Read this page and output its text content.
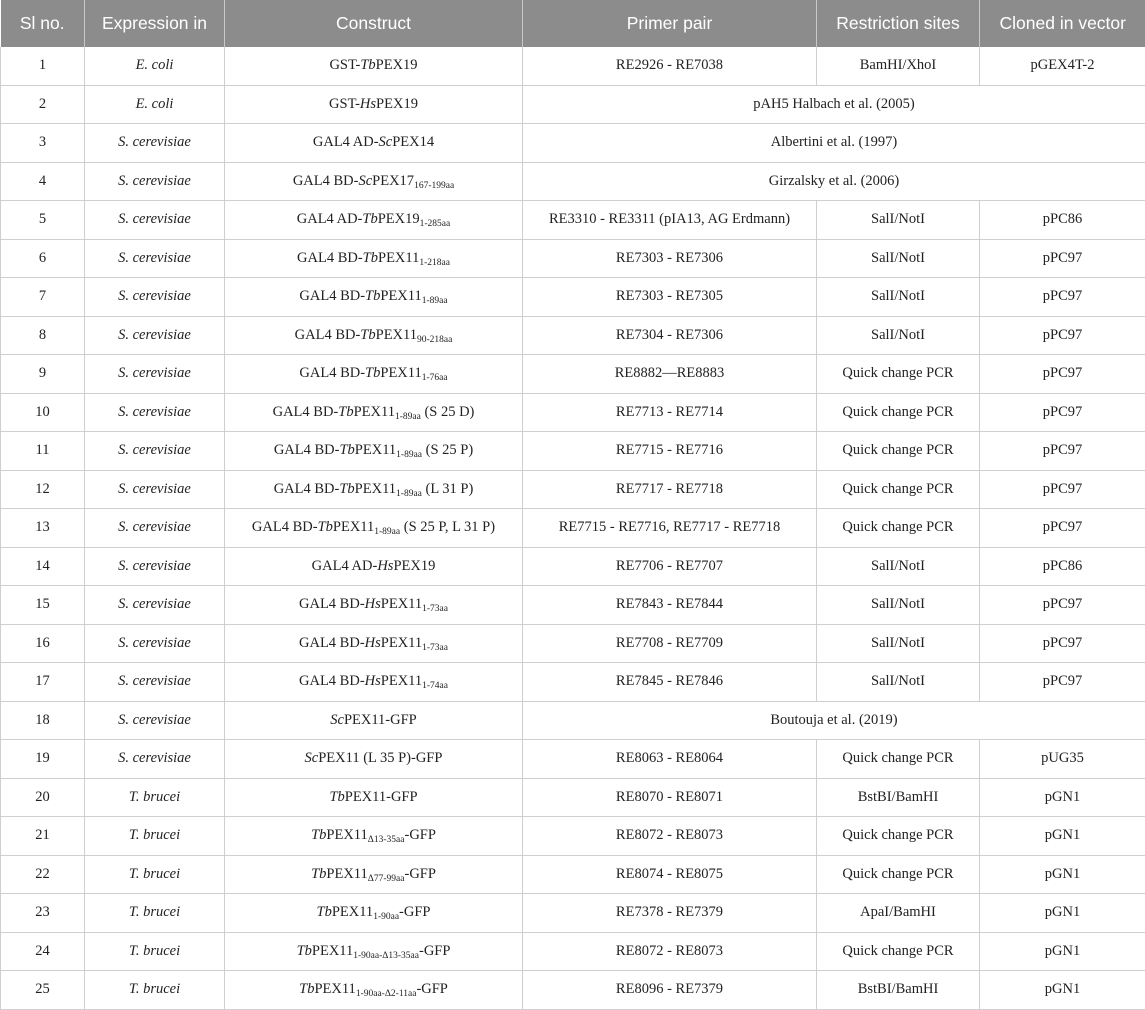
Sl no.	Expression in	Construct	Primer pair	Restriction sites	Cloned in vector
1	E. coli	GST-TbPEX19	RE2926 - RE7038	BamHI/XhoI	pGEX4T-2
2	E. coli	GST-HsPEX19	pAH5 Halbach et al. (2005)		
3	S. cerevisiae	GAL4 AD-ScPEX14	Albertini et al. (1997)		
4	S. cerevisiae	GAL4 $BD-ScPEX17_{167-199aa}$	Girzalsky et al. (2006)		
5	S. cerevisiae	GAL4 $AD-TbPEX19_{1-285aa}$	RE3310 - RE3311 (pIA13, AG Erdmann)	SalI/NotI	pPC86
6	S. cerevisiae	GAL4 $BD-TbPEX11_{1-218aa}$	RE7303 - RE7306	SalI/NotI	pPC97
7	S. cerevisiae	GAL4 $BD-TbPEX11_{1-89aa}$	RE7303 - RE7305	SalI/NotI	pPC97
8	S. cerevisiae	GAL4 $BD-TbPEX11_{90-218aa}$	RE7304 - RE7306	SalI/NotI	pPC97
9	S. cerevisiae	GAL4 $BD-TbPEX11_{1-76aa}$	RE8882—RE8883	Quick change PCR	pPC97
10	S. cerevisiae	GAL4 $BD-TbPEX11_{1-89aa}$ (S 25 D)	RE7713 - RE7714	Quick change PCR	pPC97
11	S. cerevisiae	GAL4 $BD-TbPEX11_{1-89aa}$ (S 25 P)	RE7715 - RE7716	Quick change PCR	pPC97
12	S. cerevisiae	GAL4 $BD-TbPEX11_{1-89aa}$ (L 31 P)	RE7717 - RE7718	Quick change PCR	pPC97
13	S. cerevisiae	GAL4 $BD-TbPEX11_{1-89aa}$ (S 25 P, L 31 P)	RE7715 - RE7716, RE7717 - RE7718	Quick change PCR	pPC97
14	S. cerevisiae	GAL4 AD-HsPEX19	RE7706 - RE7707	SalI/NotI	pPC86
15	S. cerevisiae	GAL4 $BD-HsPEX11_{1-73aa}$	RE7843 - RE7844	SalI/NotI	pPC97
16	S. cerevisiae	GAL4 $BD-HsPEX11_{1-73aa}$	RE7708 - RE7709	SalI/NotI	pPC97
17	S. cerevisiae	GAL4 $BD-HsPEX11_{1-74aa}$	RE7845 - RE7846	SalI/NotI	pPC97
18	S. cerevisiae	ScPEX11-GFP	Boutouja et al. (2019)		
19	S. cerevisiae	ScPEX11 (L 35 P)-GFP	RE8063 - RE8064	Quick change PCR	pUG35
20	T. brucei	TbPEX11-GFP	RE8070 - RE8071	BstBI/BamHI	pGN1
21	T. brucei	$TbPEX11_{\Delta 13-35aa}$-GFP	RE8072 - RE8073	Quick change PCR	pGN1
22	T. brucei	$TbPEX11_{\Delta 77-99aa}$-GFP	RE8074 - RE8075	Quick change PCR	pGN1
23	T. brucei	$TbPEX11_{1-90aa}$-GFP	RE7378 - RE7379	ApaI/BamHI	pGN1
24	T. brucei	$TbPEX11_{1-90aa-\Delta 13-35aa}$-GFP	RE8072 - RE8073	Quick change PCR	pGN1
25	T. brucei	$TbPEX11_{1-90aa-\Delta 2-11aa}$-GFP	RE8096 - RE7379	BstBI/BamHI	pGN1
